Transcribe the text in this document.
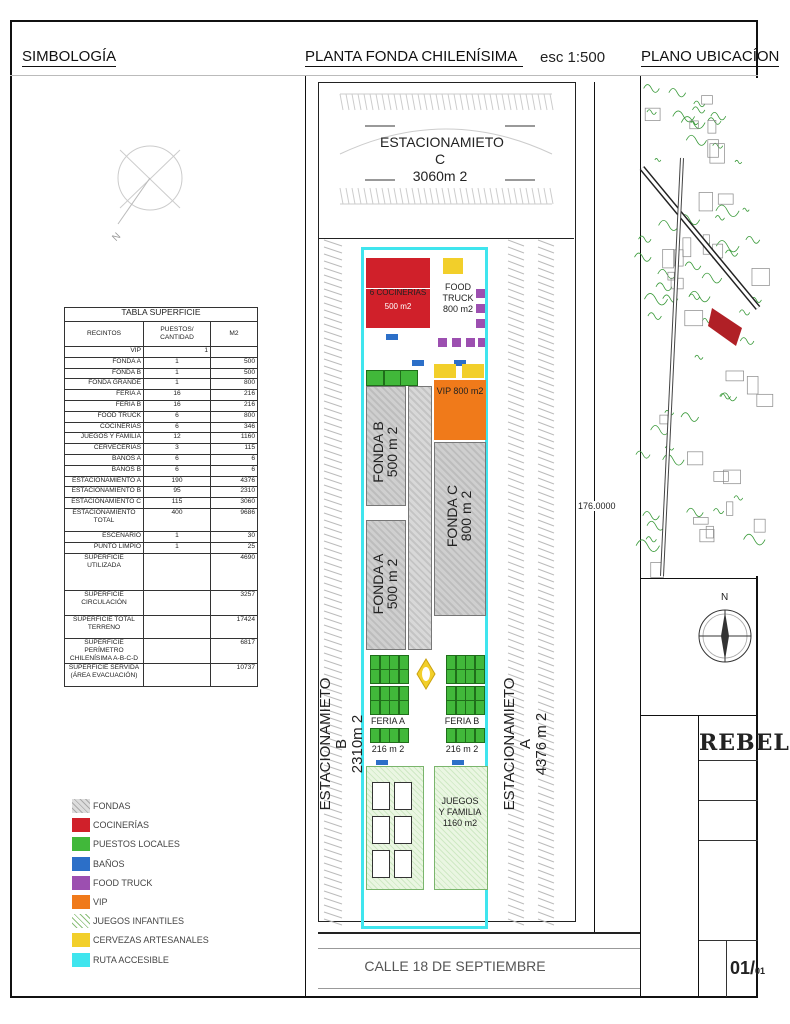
SIMBOLOGÍA	PLANTA FONDA CHILENÍSIMA	esc 1:500 PLANO UBICACÍON
N
TABLA SUPERFICIE		
RECINTOS	PUESTOS/ CANTIDAD	M2
VIP	1	
FONDA A	1	500
FONDA B	1	500
FONDA GRANDE	1	800
FERIA A	16	216
FERIA B	16	216
FOOD TRUCK	6	800
COCINERIAS	6	346
JUEGOS Y FAMILIA	12	1160
CERVECERIAS	3	115
BAÑOS A	6	6
BAÑOS B	6	6
ESTACIONAMIENTO A	190	4376
ESTACIONAMIENTO B	95	2310
ESTACIONAMIENTO C	115	3060
ESTACIONAMIENTO TOTAL	400	9686
ESCENARIO	1	30
PUNTO LIMPIO	1	25
SUPERFICIE UTILIZADA		4690
SUPERFICIE CIRCULACIÓN		3257
SUPERFICIE TOTAL TERRENO		17424
SUPERFICIE PERÍMETRO CHILENÍSIMA A-B-C-D		6817
SUPERFICIE SERVIDA (ÁREA EVACUACIÓN)		10737
FONDAS
COCINERÍAS
PUESTOS LOCALES
BAÑOS
FOOD TRUCK
VIP
JUEGOS INFANTILES
CERVEZAS ARTESANALES
RUTA ACCESIBLE
ESTACIONAMIETO
C
3060m 2
6 COCINERIAS
500 m2
FOOD
TRUCK
800 m2
VIP 800 m2
FONDA B
500 m 2
FONDA C
800 m 2
FONDA A
500 m 2
FERIA A
216 m 2
FERIA B
216 m 2
JUEGOS
Y FAMILIA
1160 m2
ESTACIONAMIETO B 2310m 2	ESTACIONAMIETO A 4376 m 2
176.0000
CALLE 18 DE SEPTIEMBRE
N
REBEL
01/01
